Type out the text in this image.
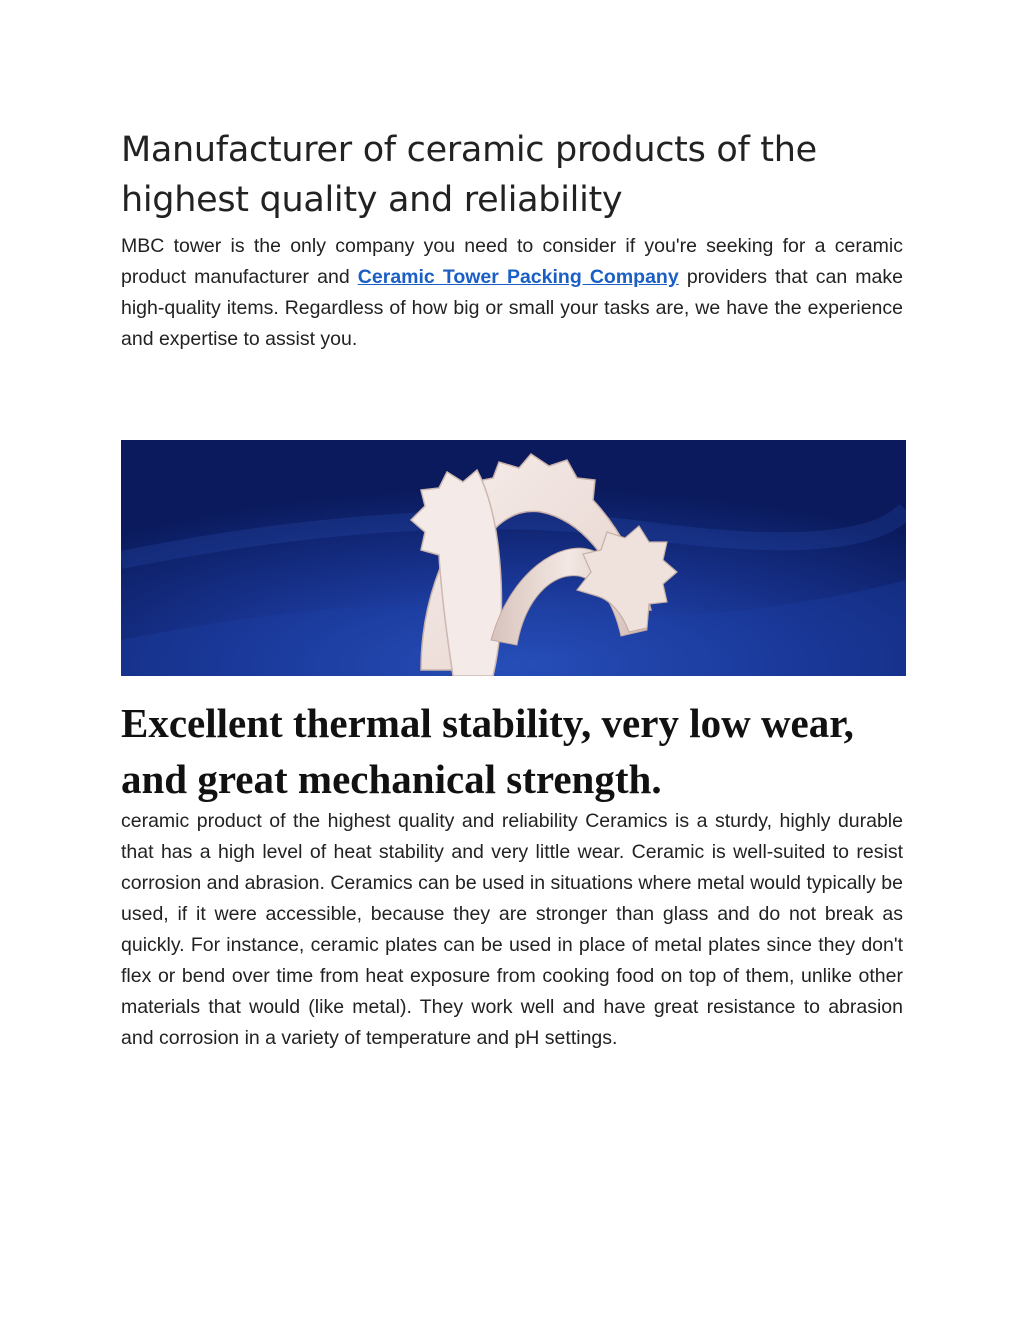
Manufacturer of ceramic products of the highest quality and reliability

MBC tower is the only company you need to consider if you're seeking for a ceramic product manufacturer and Ceramic Tower Packing Company providers that can make high-quality items. Regardless of how big or small your tasks are, we have the experience and expertise to assist you.

Excellent thermal stability, very low wear, and great mechanical strength.

ceramic product of the highest quality and reliability Ceramics is a sturdy, highly durable that has a high level of heat stability and very little wear. Ceramic is well-suited to resist corrosion and abrasion. Ceramics can be used in situations where metal would typically be used, if it were accessible, because they are stronger than glass and do not break as quickly. For instance, ceramic plates can be used in place of metal plates since they don't flex or bend over time from heat exposure from cooking food on top of them, unlike other materials that would (like metal). They work well and have great resistance to abrasion and corrosion in a variety of temperature and pH settings.
